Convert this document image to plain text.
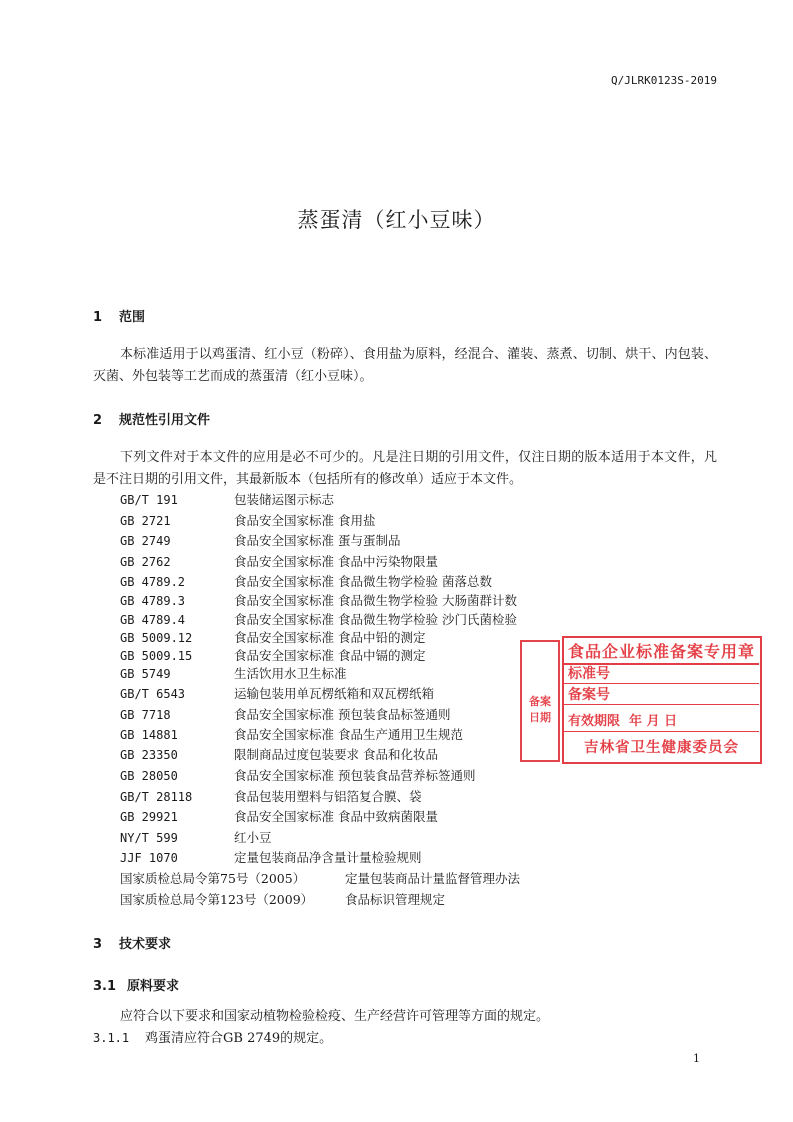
Q/JLRK0123S-2019
蒸蛋清（红小豆味）
1 范围
本标准适用于以鸡蛋清、红小豆（粉碎）、食用盐为原料，经混合、灌装、蒸煮、切制、烘干、内包装、灭菌、外包装等工艺而成的蒸蛋清（红小豆味）。
2 规范性引用文件
下列文件对于本文件的应用是必不可少的。凡是注日期的引用文件，仅注日期的版本适用于本文件，凡是不注日期的引用文件，其最新版本（包括所有的修改单）适应于本文件。
GB/T 191	包装储运图示标志
GB 2721	食品安全国家标准 食用盐
GB 2749	食品安全国家标准 蛋与蛋制品
GB 2762	食品安全国家标准 食品中污染物限量
GB 4789.2	食品安全国家标准 食品微生物学检验 菌落总数
GB 4789.3	食品安全国家标准 食品微生物学检验 大肠菌群计数
GB 4789.4	食品安全国家标准 食品微生物学检验 沙门氏菌检验
GB 5009.12	食品安全国家标准 食品中铅的测定
GB 5009.15	食品安全国家标准 食品中镉的测定
GB 5749	生活饮用水卫生标准
GB/T 6543	运输包装用单瓦楞纸箱和双瓦楞纸箱
GB 7718	食品安全国家标准 预包装食品标签通则
GB 14881	食品安全国家标准 食品生产通用卫生规范
GB 23350	限制商品过度包装要求 食品和化妆品
GB 28050	食品安全国家标准 预包装食品营养标签通则
GB/T 28118	食品包装用塑料与铝箔复合膜、袋
GB 29921	食品安全国家标准 食品中致病菌限量
NY/T 599	红小豆
JJF 1070	定量包装商品净含量计量检验规则
国家质检总局令第75号（2005）	定量包装商品计量监督管理办法
国家质检总局令第123号（2009）	食品标识管理规定
3 技术要求
3.1 原料要求
应符合以下要求和国家动植物检验检疫、生产经营许可管理等方面的规定。
3.1.1 鸡蛋清应符合GB 2749的规定。
1
备案
日期
食品企业标准备案专用章
标准号
备案号
有效期限  年 月 日
吉林省卫生健康委员会
